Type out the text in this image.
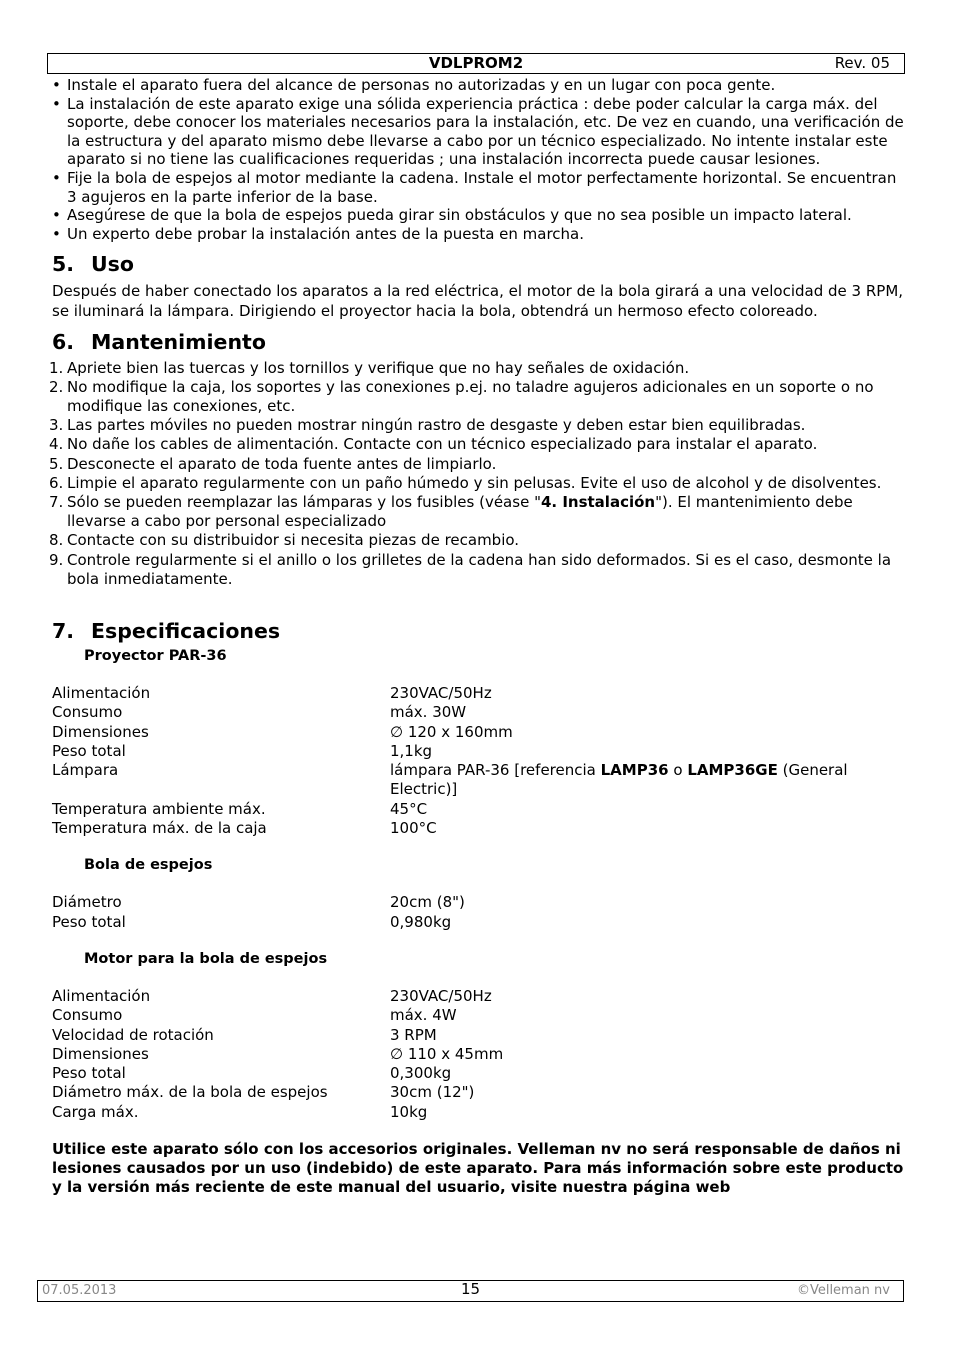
VDLPROM2	Rev. 05
• Instale el aparato fuera del alcance de personas no autorizadas y en un lugar con poca gente.
• La instalación de este aparato exige una sólida experiencia práctica : debe poder calcular la carga máx. del soporte, debe conocer los materiales necesarios para la instalación, etc. De vez en cuando, una verificación de la estructura y del aparato mismo debe llevarse a cabo por un técnico especializado. No intente instalar este aparato si no tiene las cualificaciones requeridas ; una instalación incorrecta puede causar lesiones.
• Fije la bola de espejos al motor mediante la cadena. Instale el motor perfectamente horizontal. Se encuentran 3 agujeros en la parte inferior de la base.
• Asegúrese de que la bola de espejos pueda girar sin obstáculos y que no sea posible un impacto lateral.
• Un experto debe probar la instalación antes de la puesta en marcha.
5. Uso
Después de haber conectado los aparatos a la red eléctrica, el motor de la bola girará a una velocidad de 3 RPM, se iluminará la lámpara. Dirigiendo el proyector hacia la bola, obtendrá un hermoso efecto coloreado.
6. Mantenimiento
1. Apriete bien las tuercas y los tornillos y verifique que no hay señales de oxidación.
2. No modifique la caja, los soportes y las conexiones p.ej. no taladre agujeros adicionales en un soporte o no modifique las conexiones, etc.
3. Las partes móviles no pueden mostrar ningún rastro de desgaste y deben estar bien equilibradas.
4. No dañe los cables de alimentación. Contacte con un técnico especializado para instalar el aparato.
5. Desconecte el aparato de toda fuente antes de limpiarlo.
6. Limpie el aparato regularmente con un paño húmedo y sin pelusas. Evite el uso de alcohol y de disolventes.
7. Sólo se pueden reemplazar las lámparas y los fusibles (véase "4. Instalación"). El mantenimiento debe llevarse a cabo por personal especializado
8. Contacte con su distribuidor si necesita piezas de recambio.
9. Controle regularmente si el anillo o los grilletes de la cadena han sido deformados. Si es el caso, desmonte la bola inmediatamente.
7. Especificaciones
Proyector PAR-36
Alimentación	230VAC/50Hz
Consumo	máx. 30W
Dimensiones	∅ 120 x 160mm
Peso total	1,1kg
Lámpara	lámpara PAR-36 [referencia LAMP36 o LAMP36GE (General Electric)]
Temperatura ambiente máx.	45°C
Temperatura máx. de la caja	100°C
Bola de espejos
Diámetro	20cm (8")
Peso total	0,980kg
Motor para la bola de espejos
Alimentación	230VAC/50Hz
Consumo	máx. 4W
Velocidad de rotación	3 RPM
Dimensiones	∅ 110 x 45mm
Peso total	0,300kg
Diámetro máx. de la bola de espejos	30cm (12")
Carga máx.	10kg
Utilice este aparato sólo con los accesorios originales. Velleman nv no será responsable de daños ni lesiones causados por un uso (indebido) de este aparato. Para más información sobre este producto y la versión más reciente de este manual del usuario, visite nuestra página web
07.05.2013	15	©Velleman nv
